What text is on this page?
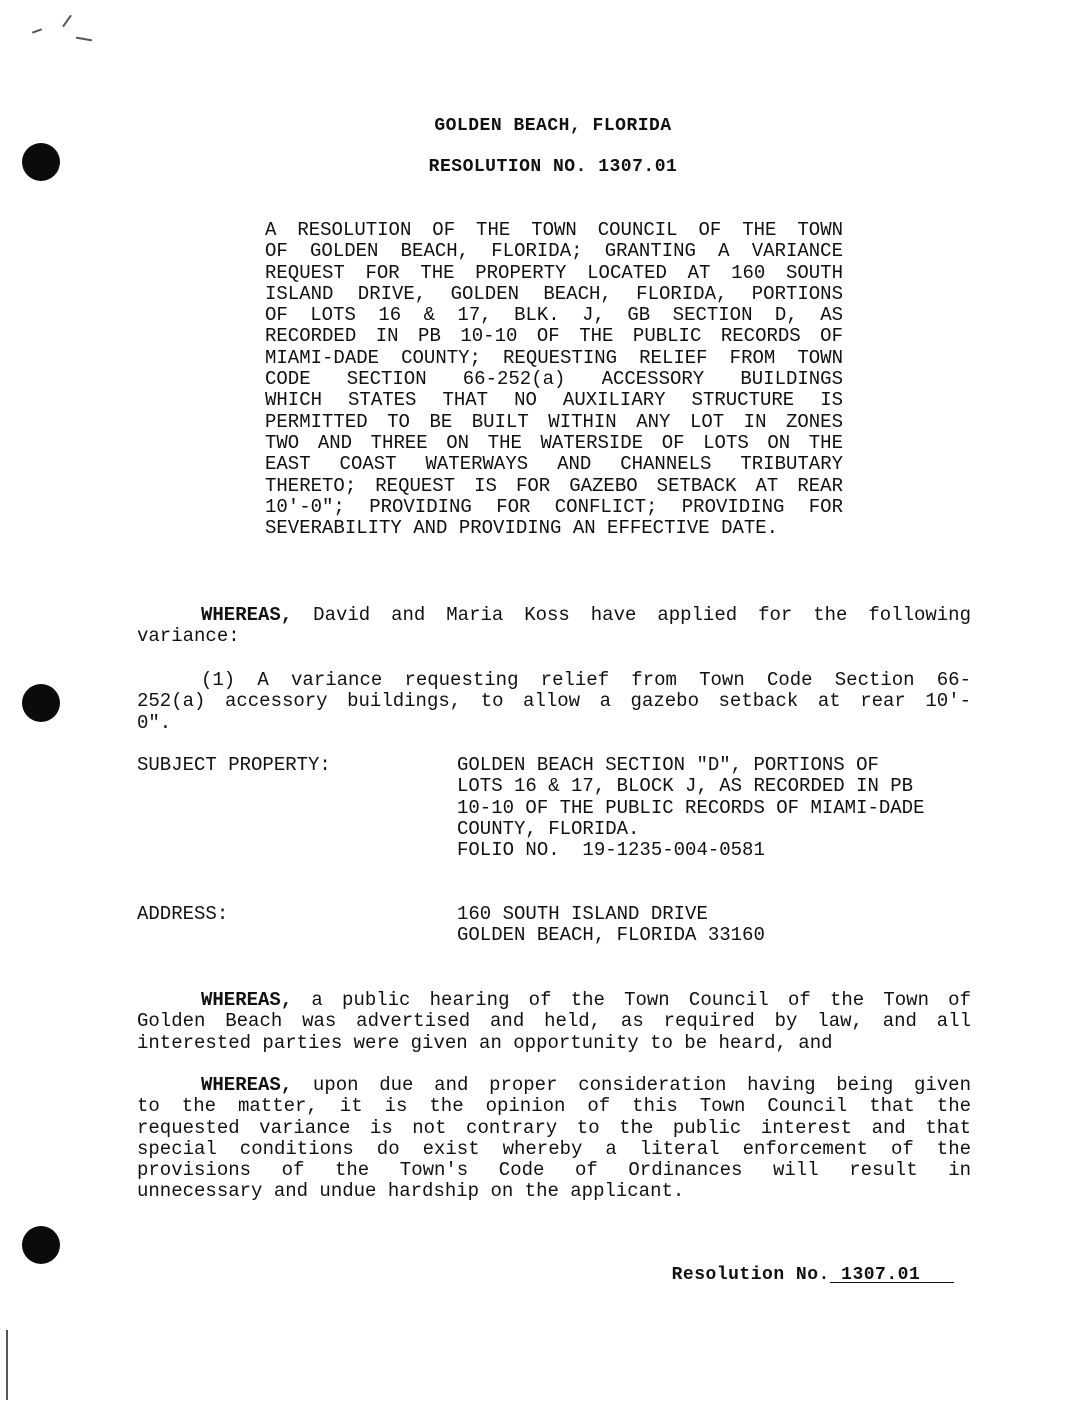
GOLDEN BEACH, FLORIDA
RESOLUTION NO. 1307.01
A RESOLUTION OF THE TOWN COUNCIL OF THE TOWN
OF GOLDEN BEACH, FLORIDA; GRANTING A VARIANCE
REQUEST FOR THE PROPERTY LOCATED AT 160 SOUTH
ISLAND DRIVE, GOLDEN BEACH, FLORIDA, PORTIONS
OF LOTS 16 & 17, BLK. J, GB SECTION D, AS
RECORDED IN PB 10-10 OF THE PUBLIC RECORDS OF
MIAMI-DADE COUNTY; REQUESTING RELIEF FROM TOWN
CODE SECTION 66-252(a) ACCESSORY BUILDINGS
WHICH STATES THAT NO AUXILIARY STRUCTURE IS
PERMITTED TO BE BUILT WITHIN ANY LOT IN ZONES
TWO AND THREE ON THE WATERSIDE OF LOTS ON THE
EAST COAST WATERWAYS AND CHANNELS TRIBUTARY
THERETO; REQUEST IS FOR GAZEBO SETBACK AT REAR
10'-0"; PROVIDING FOR CONFLICT; PROVIDING FOR
SEVERABILITY AND PROVIDING AN EFFECTIVE DATE.
WHEREAS, David and Maria Koss have applied for the following
variance:
(1) A variance requesting relief from Town Code Section 66-
252(a) accessory buildings, to allow a gazebo setback at rear 10'-
0".
SUBJECT PROPERTY:	GOLDEN BEACH SECTION "D", PORTIONS OF
LOTS 16 & 17, BLOCK J, AS RECORDED IN PB
10-10 OF THE PUBLIC RECORDS OF MIAMI-DADE
COUNTY, FLORIDA.
FOLIO NO.  19-1235-004-0581
ADDRESS:	160 SOUTH ISLAND DRIVE
GOLDEN BEACH, FLORIDA 33160
WHEREAS, a public hearing of the Town Council of the Town of
Golden Beach was advertised and held, as required by law, and all
interested parties were given an opportunity to be heard, and
WHEREAS, upon due and proper consideration having being given
to the matter, it is the opinion of this Town Council that the
requested variance is not contrary to the public interest and that
special conditions do exist whereby a literal enforcement of the
provisions of the Town's Code of Ordinances will result in
unnecessary and undue hardship on the applicant.

Resolution No. 1307.01
